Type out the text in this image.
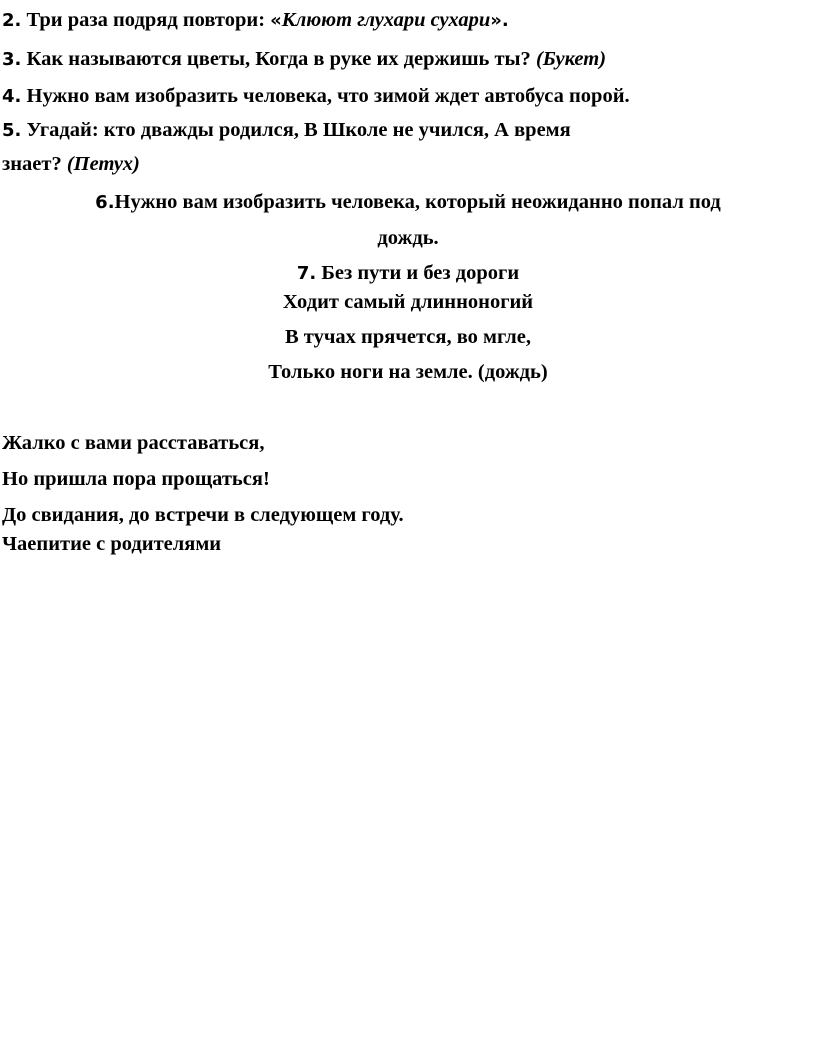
2. Три раза подряд повтори: «Клюют глухари сухари».
3. Как называются цветы, Когда в руке их держишь ты? (Букет)
4. Нужно вам изобразить человека, что зимой ждет автобуса порой.
5. Угадай: кто дважды родился, В Школе не учился, А время
знает? (Петух)
6.Нужно вам изобразить человека, который неожиданно попал под
дождь.
7. Без пути и без дороги
Ходит самый длинноногий
В тучах прячется, во мгле,
Только ноги на земле. (дождь)
Жалко с вами расставаться,
Но пришла пора прощаться!
До свидания, до встречи в следующем году.
Чаепитие с родителями
